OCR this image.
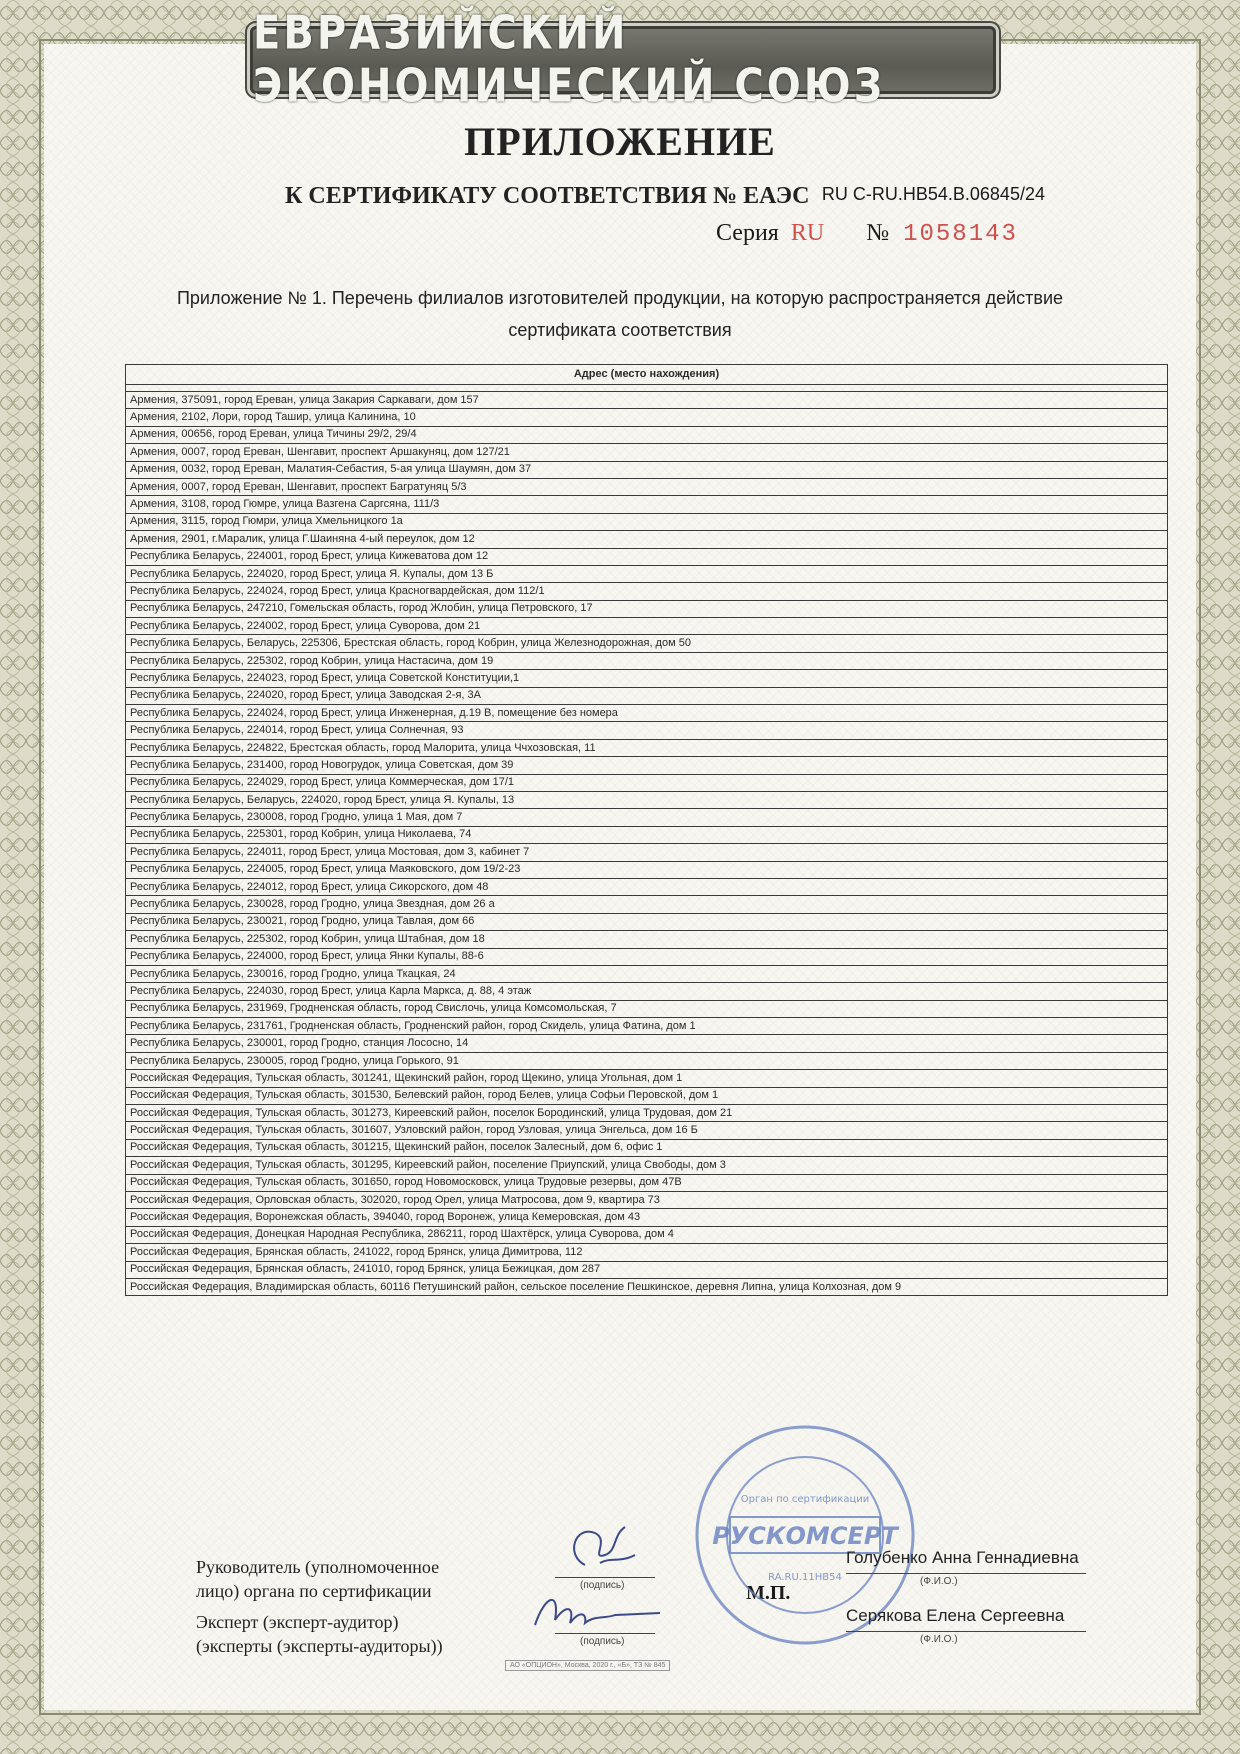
ЕВРАЗИЙСКИЙ ЭКОНОМИЧЕСКИЙ СОЮЗ
ПРИЛОЖЕНИЕ
К СЕРТИФИКАТУ СООТВЕТСТВИЯ № ЕАЭС RU C-RU.НВ54.В.06845/24
Серия RU № 1058143
Приложение № 1. Перечень филиалов изготовителей продукции, на которую распространяется действие сертификата соответствия
Адрес (место нахождения)

Армения, 375091, город Ереван, улица Закария Саркаваги, дом 157
Армения, 2102, Лори, город Ташир, улица Калинина, 10
Армения, 00656, город Ереван, улица Тичины 29/2, 29/4
Армения, 0007, город Ереван, Шенгавит, проспект Аршакуняц, дом 127/21
Армения, 0032, город Ереван, Малатия-Себастия, 5-ая улица Шаумян, дом 37
Армения, 0007, город Ереван, Шенгавит, проспект Багратуняц 5/3
Армения, 3108, город Гюмре, улица Вазгена Саргсяна, 111/3
Армения, 3115, город Гюмри, улица Хмельницкого 1а
Армения, 2901, г.Маралик, улица Г.Шаиняна 4-ый переулок, дом 12
Республика Беларусь, 224001, город Брест, улица Кижеватова дом 12
Республика Беларусь, 224020, город Брест, улица Я. Купалы, дом 13 Б
Республика Беларусь, 224024, город Брест, улица Красногвардейская, дом 112/1
Республика Беларусь, 247210, Гомельская область, город Жлобин, улица Петровского, 17
Республика Беларусь, 224002, город Брест, улица Суворова, дом 21
Республика Беларусь, Беларусь, 225306, Брестская область, город Кобрин, улица Железнодорожная, дом 50
Республика Беларусь, 225302, город Кобрин, улица Настасича, дом 19
Республика Беларусь, 224023, город Брест, улица Советской Конституции,1
Республика Беларусь, 224020, город Брест, улица Заводская 2-я, 3А
Республика Беларусь, 224024, город Брест, улица Инженерная, д.19 В, помещение без номера
Республика Беларусь, 224014, город Брест, улица Солнечная, 93
Республика Беларусь, 224822, Брестская область, город Малорита, улица Ччхозовская, 11
Республика Беларусь, 231400, город Новогрудок, улица Советская, дом 39
Республика Беларусь, 224029, город Брест, улица Коммерческая, дом 17/1
Республика Беларусь, Беларусь, 224020, город Брест, улица Я. Купалы, 13
Республика Беларусь, 230008, город Гродно, улица 1 Мая, дом 7
Республика Беларусь, 225301, город Кобрин, улица Николаева, 74
Республика Беларусь, 224011, город Брест, улица Мостовая, дом 3, кабинет 7
Республика Беларусь, 224005, город Брест, улица Маяковского, дом 19/2-23
Республика Беларусь, 224012, город Брест, улица Сикорского, дом 48
Республика Беларусь, 230028, город Гродно, улица Звездная, дом 26 а
Республика Беларусь, 230021, город Гродно, улица Тавлая, дом 66
Республика Беларусь, 225302, город Кобрин, улица Штабная, дом 18
Республика Беларусь, 224000, город Брест, улица Янки Купалы, 88-6
Республика Беларусь, 230016, город Гродно, улица Ткацкая, 24
Республика Беларусь, 224030, город Брест, улица Карла Маркса, д. 88, 4 этаж
Республика Беларусь, 231969, Гродненская область, город Свислочь, улица Комсомольская, 7
Республика Беларусь, 231761, Гродненская область, Гродненский район, город Скидель, улица Фатина, дом 1
Республика Беларусь, 230001, город Гродно, станция Лососно, 14
Республика Беларусь, 230005, город Гродно, улица Горького, 91
Российская Федерация, Тульская область, 301241, Щекинский район, город Щекино, улица Угольная, дом 1
Российская Федерация, Тульская область, 301530, Белевский район, город Белев, улица Софьи Перовской, дом 1
Российская Федерация, Тульская область, 301273, Киреевский район, поселок Бородинский, улица Трудовая, дом 21
Российская Федерация, Тульская область, 301607, Узловский район, город Узловая, улица Энгельса, дом 16 Б
Российская Федерация, Тульская область, 301215, Щекинский район, поселок Залесный, дом 6, офис 1
Российская Федерация, Тульская область, 301295, Киреевский район, поселение Приупский, улица Свободы, дом 3
Российская Федерация, Тульская область, 301650, город Новомосковск, улица Трудовые резервы, дом 47В
Российская Федерация, Орловская область, 302020, город Орел, улица Матросова, дом 9, квартира 73
Российская Федерация, Воронежская область, 394040, город Воронеж, улица Кемеровская, дом 43
Российская Федерация, Донецкая Народная Республика, 286211, город Шахтёрск, улица Суворова, дом 4
Российская Федерация, Брянская область, 241022, город Брянск, улица Димитрова, 112
Российская Федерация, Брянская область, 241010, город Брянск, улица Бежицкая, дом 287
Российская Федерация, Владимирская область, 60116 Петушинский район, сельское поселение Пешкинское, деревня Липна, улица Колхозная, дом 9
Руководитель (уполномоченное
лицо) органа по сертификации
Эксперт (эксперт-аудитор)
(эксперты (эксперты-аудиторы))
(подпись)
(подпись)
М.П.
РУСКОМСЕРТ
Орган по сертификации
RA.RU.11НВ54
Голубенко Анна Геннадиевна
(Ф.И.О.)
Серякова Елена Сергеевна
(Ф.И.О.)
АО «ОПЦИОН», Москва, 2020 г., «Б», ТЗ № 845
